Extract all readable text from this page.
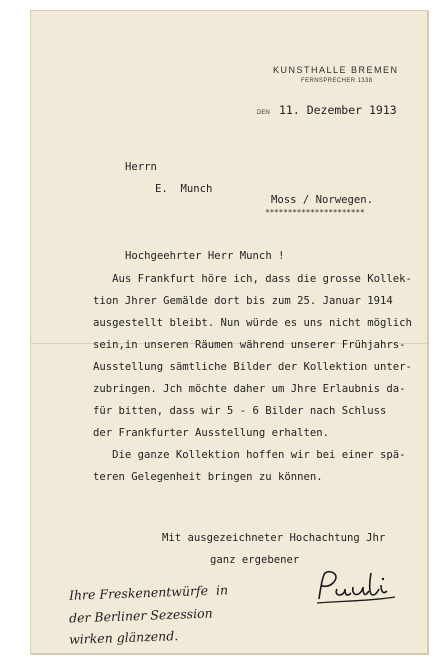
KUNSTHALLE BREMEN
FERNSPRECHER 1338
DEN 11. Dezember 1913
Herrn
E.  Munch
Moss / Norwegen.
**********************
Hochgeehrter Herr Munch !
Aus Frankfurt höre ich, dass die grosse Kollek-
tion Jhrer Gemälde dort bis zum 25. Januar 1914
ausgestellt bleibt. Nun würde es uns nicht möglich
sein,in unseren Räumen während unserer Frühjahrs-
Ausstellung sämtliche Bilder der Kollektion unter-
zubringen. Jch möchte daher um Jhre Erlaubnis da-
für bitten, dass wir 5 - 6 Bilder nach Schluss
der Frankfurter Ausstellung erhalten.
Die ganze Kollektion hoffen wir bei einer spä-
teren Gelegenheit bringen zu können.
Mit ausgezeichneter Hochachtung Jhr
ganz ergebener
Ihre Freskenentwürfe  in
der Berliner Sezession
wirken glänzend.
